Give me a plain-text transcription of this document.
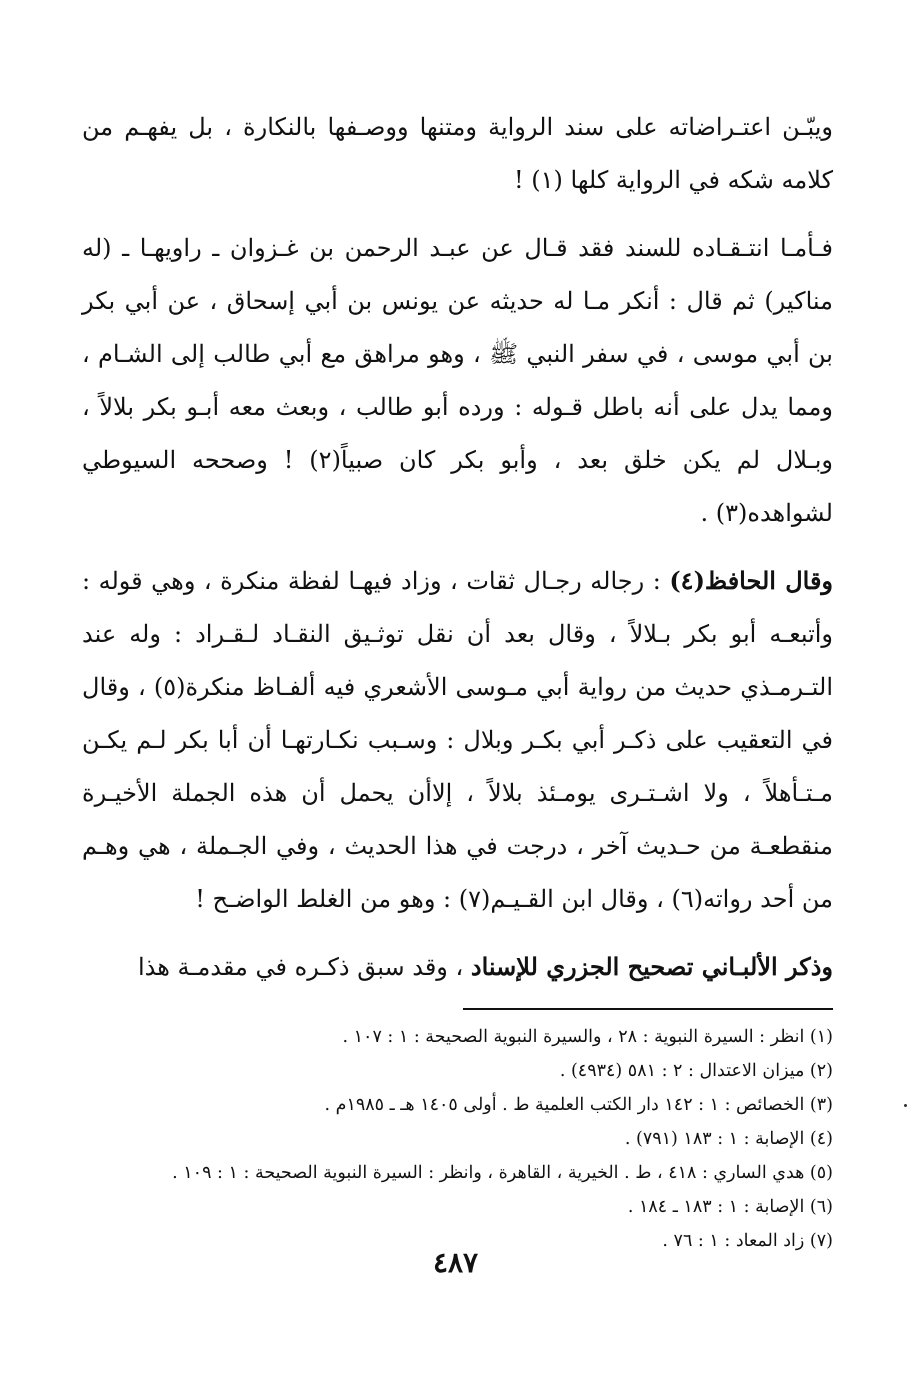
ويبّـن اعتـراضاته على سند الرواية ومتنها ووصـفها بالنكارة ، بل يفهـم من كلامه شكه في الرواية كلها (١) !

فـأمـا انتـقـاده للسند فقد قـال عن عبـد الرحمن بن غـزوان ـ راويهـا ـ (له مناكير) ثم قال : أنكر مـا له حديثه عن يونس بن أبي إسحاق ، عن أبي بكر بن أبي موسى ، في سفر النبي ﷺ ، وهو مراهق مع أبي طالب إلى الشـام ، ومما يدل على أنه باطل قـوله : ورده أبو طالب ، وبعث معه أبـو بكر بلالاً ، وبـلال لم يكن خلق بعد ، وأبو بكر كان صبياً(٢) ! وصححه السيوطي لشواهده(٣) .

وقال الحافظ(٤) : رجاله رجـال ثقات ، وزاد فيهـا لفظة منكرة ، وهي قوله : وأتبعـه أبو بكر بـلالاً ، وقال بعد أن نقل توثـيق النقـاد لـقـراد : وله عند التـرمـذي حديث من رواية أبي مـوسى الأشعري فيه ألفـاظ منكرة(٥) ، وقال في التعقيب على ذكـر أبي بكـر وبلال : وسـبب نكـارتهـا أن أبا بكر لـم يكـن مـتـأهلاً ، ولا اشـتـرى يومـئذ بلالاً ، إلاأن يحمل أن هذه الجملة الأخيـرة منقطعـة من حـديث آخر ، درجت في هذا الحديث ، وفي الجـملة ، هي وهـم من أحد رواته(٦) ، وقال ابن القـيـم(٧) : وهو من الغلط الواضـح !

وذكر الألبـاني تصحيح الجزري للإسناد ، وقد سبق ذكـره في مقدمـة هذا

(١) انظر : السيرة النبوية : ٢٨ ، والسيرة النبوية الصحيحة : ١ : ١٠٧ .
(٢) ميزان الاعتدال : ٢ : ٥٨١ (٤٩٣٤) .
(٣) الخصائص : ١ : ١٤٢ دار الكتب العلمية ط . أولى ١٤٠٥ هـ ـ ١٩٨٥م .
(٤) الإصابة : ١ : ١٨٣ (٧٩١) .
(٥) هدي الساري : ٤١٨ ، ط . الخيرية ، القاهرة ، وانظر : السيرة النبوية الصحيحة : ١ : ١٠٩ .
(٦) الإصابة : ١ : ١٨٣ ـ ١٨٤ .
(٧) زاد المعاد : ١ : ٧٦ .
٤٨٧
